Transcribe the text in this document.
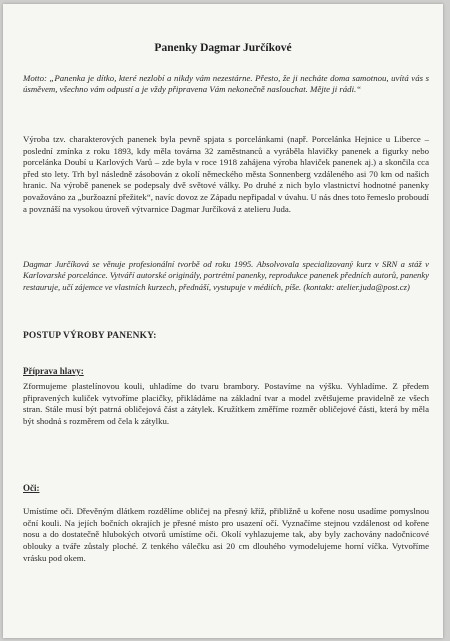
Panenky Dagmar Jurčíkové

Motto: „Panenka je dítko, které nezlobí a nikdy vám nezestárne. Přesto, že ji necháte doma samotnou, uvítá vás s úsměvem, všechno vám odpustí a je vždy připravena Vám nekonečně naslouchat. Mějte ji rádi.“

Výroba tzv. charakterových panenek byla pevně spjata s porcelánkami (např. Porcelánka Hejnice u Liberce – poslední zmínka z roku 1893, kdy měla továrna 32 zaměstnanců a vyráběla hlavičky panenek a figurky nebo porcelánka Doubí u Karlových Varů – zde byla v roce 1918 zahájena výroba hlaviček panenek aj.) a skončila cca před sto lety. Trh byl následně zásobován z okolí německého města Sonnenberg vzdáleného asi 70 km od našich hranic. Na výrobě panenek se podepsaly dvě světové války. Po druhé z nich bylo vlastnictví hodnotné panenky považováno za „buržoazní přežitek“, navíc dovoz ze Západu nepřipadal v úvahu. U nás dnes toto řemeslo proboudí a povznáší na vysokou úroveň výtvarnice Dagmar Jurčíková z atelieru Juda.

Dagmar Jurčíková se věnuje profesionální tvorbě od roku 1995. Absolvovala specializovaný kurz v SRN a stáž v Karlovarské porcelánce. Vytváří autorské originály, portrétní panenky, reprodukce panenek předních autorů, panenky restauruje, učí zájemce ve vlastních kurzech, přednáší, vystupuje v médiích, píše. (kontakt: atelier.juda@post.cz)

POSTUP VÝROBY PANENKY:
Příprava hlavy:

Zformujeme plastelínovou kouli, uhladíme do tvaru brambory. Postavíme na výšku. Vyhladíme. Z předem připravených kuliček vytvoříme placičky, přikládáme na základní tvar a model zvětšujeme pravidelně ze všech stran. Stále musí být patrná obličejová část a zátylek. Kružítkem změříme rozměr obličejové části, která by měla být shodná s rozměrem od čela k zátylku.

Oči:

Umístíme oči. Dřevěným dlátkem rozdělíme obličej na přesný kříž, přibližně u kořene nosu usadíme pomyslnou oční kouli. Na jejích bočních okrajích je přesné místo pro usazení očí. Vyznačíme stejnou vzdálenost od kořene nosu a do dostatečně hlubokých otvorů umístíme oči. Okolí vyhlazujeme tak, aby byly zachovány nadočnicové oblouky a tváře zůstaly ploché. Z tenkého válečku asi 20 cm dlouhého vymodelujeme horní víčka. Vytvoříme vrásku pod okem.
